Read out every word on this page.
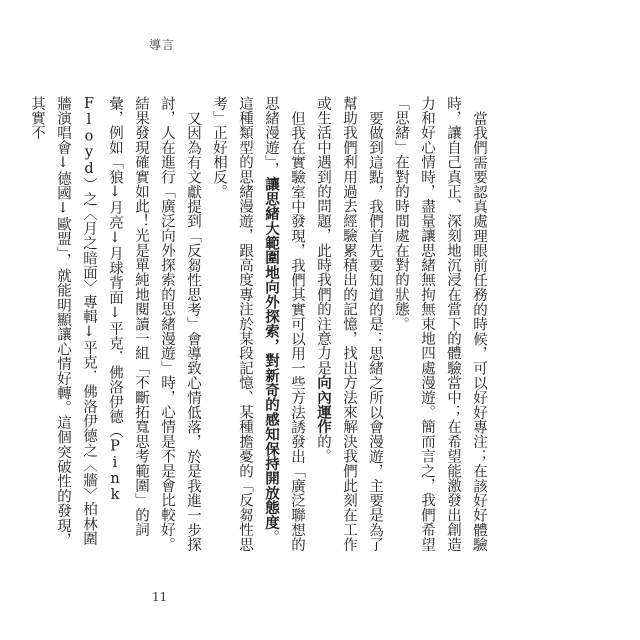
導言

當我們需要認真處理眼前任務的時候，可以好好專注；在該好好體驗時，讓自己真正、深刻地沉浸在當下的體驗當中；在希望能激發出創造力和好心情時，盡量讓思緒無拘無束地四處漫遊。簡而言之，我們希望「思緒」在對的時間處在對的狀態。

要做到這點，我們首先要知道的是：思緒之所以會漫遊，主要是為了幫助我們利用過去經驗累積出的記憶，找出方法來解決我們此刻在工作或生活中遇到的問題，此時我們的注意力是向內運作的。

但我在實驗室中發現，我們其實可以用一些方法誘發出「廣泛聯想的思緒漫遊」，讓思緒大範圍地向外探索，對新奇的感知保持開放態度。這種類型的思緒漫遊，跟高度專注於某段記憶、某種擔憂的「反芻性思考」正好相反。

又因為有文獻提到「反芻性思考」會導致心情低落，於是我進一步探討，人在進行「廣泛向外探索的思緒漫遊」時，心情是不是會比較好。結果發現確實如此！光是單純地閱讀一組「不斷拓寬思考範圍」的詞彙，例如「狼↓月亮↓月球背面↓平克．佛洛伊德（Pink Floyd）之〈月之暗面〉專輯↓平克．佛洛伊德之〈牆〉柏林圍牆演唱會↓德國↓歐盟」，就能明顯讓心情好轉。這個突破性的發現，其實不

11
